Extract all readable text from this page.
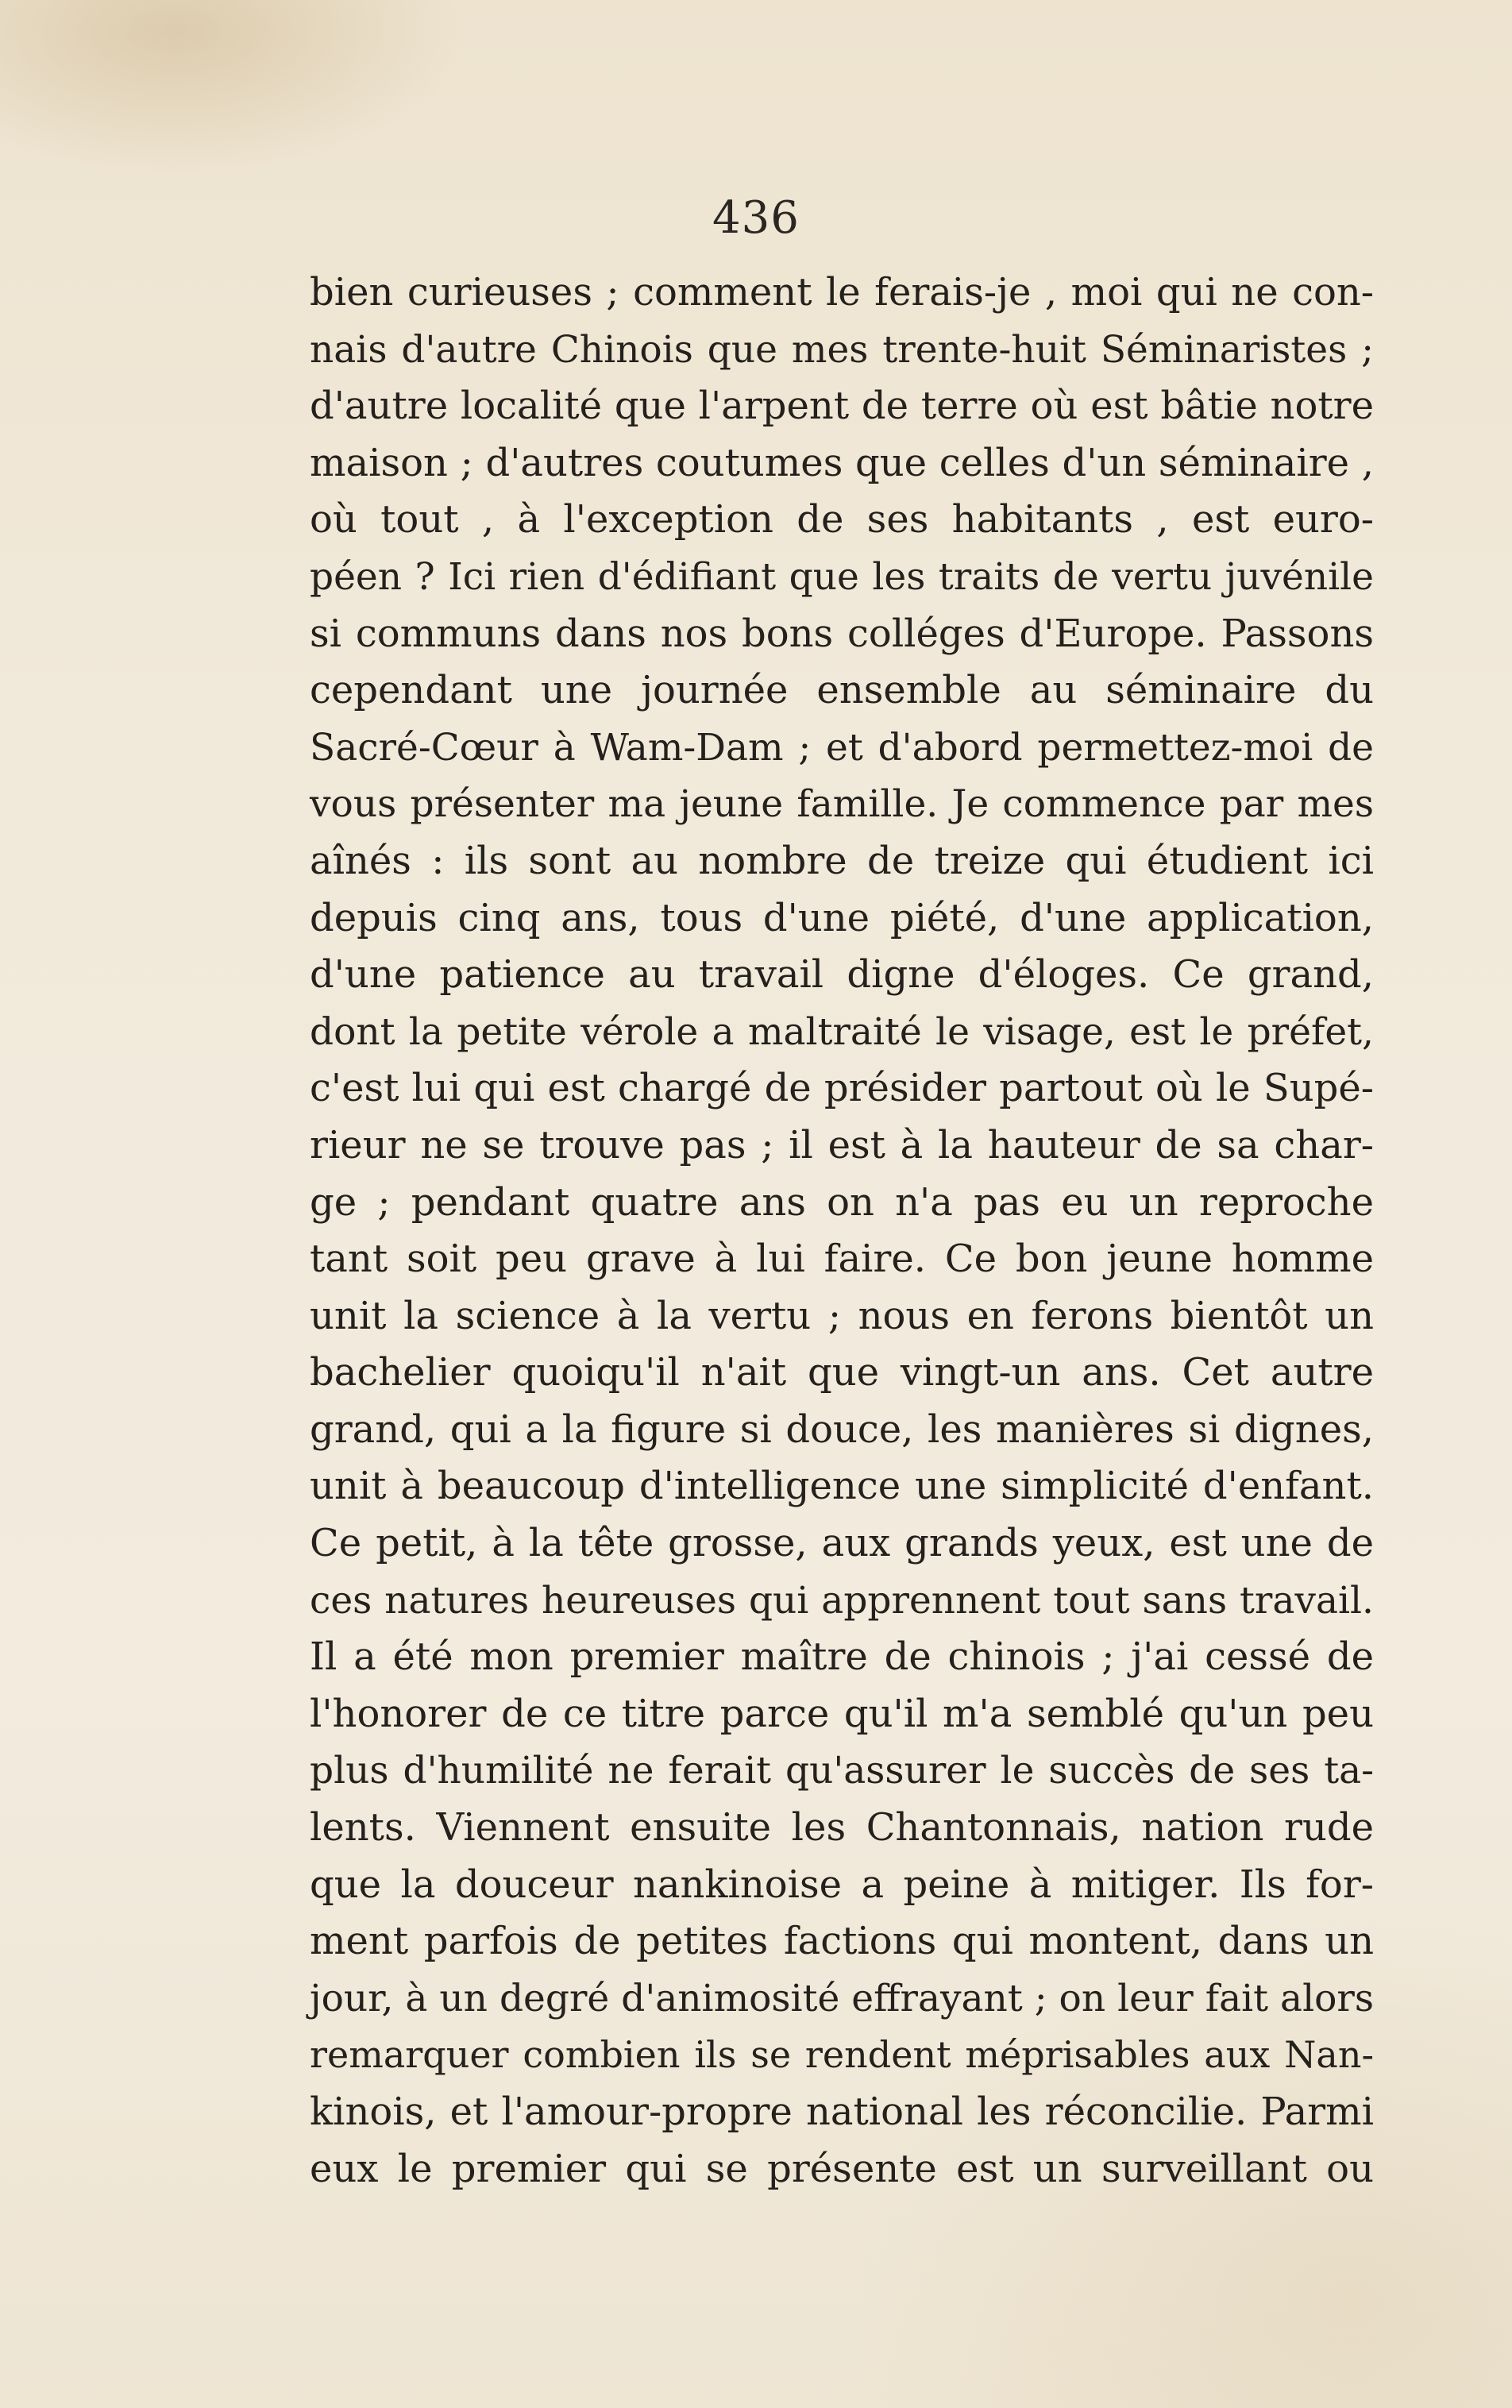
436
bien curieuses ; comment le ferais-je , moi qui ne con-
nais d'autre Chinois que mes trente-huit Séminaristes ;
d'autre localité que l'arpent de terre où est bâtie notre
maison ; d'autres coutumes que celles d'un séminaire ,
où tout , à l'exception de ses habitants , est euro-
péen ? Ici rien d'édifiant que les traits de vertu juvénile
si communs dans nos bons colléges d'Europe. Passons
cependant une journée ensemble au séminaire du
Sacré-Cœur à Wam-Dam ; et d'abord permettez-moi de
vous présenter ma jeune famille. Je commence par mes
aînés : ils sont au nombre de treize qui étudient ici
depuis cinq ans, tous d'une piété, d'une application,
d'une patience au travail digne d'éloges. Ce grand,
dont la petite vérole a maltraité le visage, est le préfet,
c'est lui qui est chargé de présider partout où le Supé-
rieur ne se trouve pas ; il est à la hauteur de sa char-
ge ; pendant quatre ans on n'a pas eu un reproche
tant soit peu grave à lui faire. Ce bon jeune homme
unit la science à la vertu ; nous en ferons bientôt un
bachelier quoiqu'il n'ait que vingt-un ans. Cet autre
grand, qui a la figure si douce, les manières si dignes,
unit à beaucoup d'intelligence une simplicité d'enfant.
Ce petit, à la tête grosse, aux grands yeux, est une de
ces natures heureuses qui apprennent tout sans travail.
Il a été mon premier maître de chinois ; j'ai cessé de
l'honorer de ce titre parce qu'il m'a semblé qu'un peu
plus d'humilité ne ferait qu'assurer le succès de ses ta-
lents. Viennent ensuite les Chantonnais, nation rude
que la douceur nankinoise a peine à mitiger. Ils for-
ment parfois de petites factions qui montent, dans un
jour, à un degré d'animosité effrayant ; on leur fait alors
remarquer combien ils se rendent méprisables aux Nan-
kinois, et l'amour-propre national les réconcilie. Parmi
eux le premier qui se présente est un surveillant ou
